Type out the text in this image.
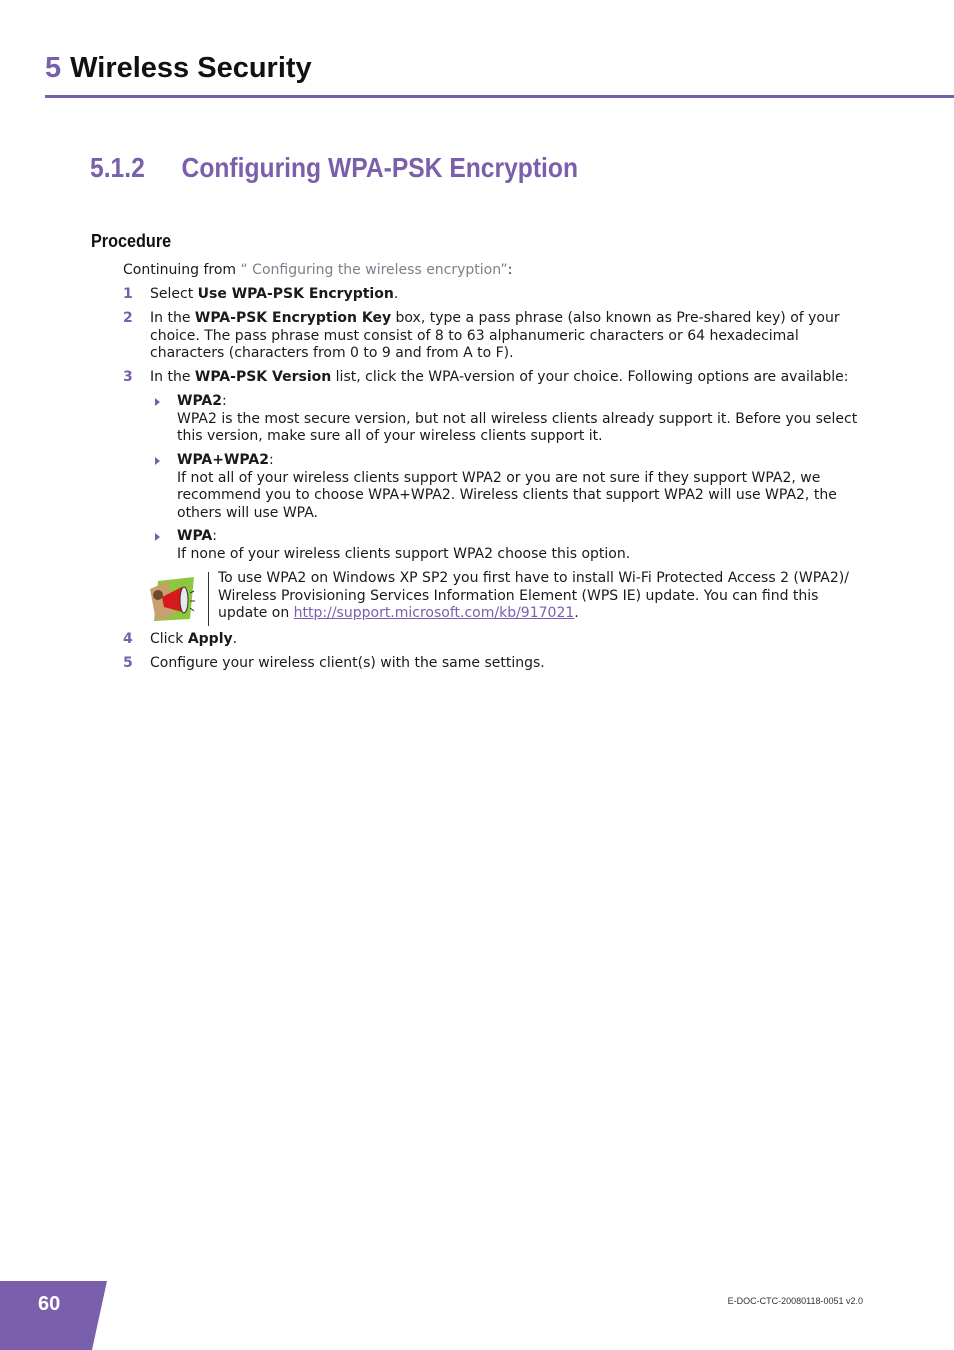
5 Wireless Security
5.1.2 Configuring WPA-PSK Encryption
Procedure
Continuing from “ Configuring the wireless encryption”:
1 Select Use WPA-PSK Encryption.
2 In the WPA-PSK Encryption Key box, type a pass phrase (also known as Pre-shared key) of your choice. The pass phrase must consist of 8 to 63 alphanumeric characters or 64 hexadecimal characters (characters from 0 to 9 and from A to F).
3 In the WPA-PSK Version list, click the WPA-version of your choice. Following options are available:
WPA2:
WPA2 is the most secure version, but not all wireless clients already support it. Before you select this version, make sure all of your wireless clients support it.
WPA+WPA2:
If not all of your wireless clients support WPA2 or you are not sure if they support WPA2, we recommend you to choose WPA+WPA2. Wireless clients that support WPA2 will use WPA2, the others will use WPA.
WPA:
If none of your wireless clients support WPA2 choose this option.
To use WPA2 on Windows XP SP2 you first have to install Wi-Fi Protected Access 2 (WPA2)/ Wireless Provisioning Services Information Element (WPS IE) update. You can find this update on http://support.microsoft.com/kb/917021.
4 Click Apply.
5 Configure your wireless client(s) with the same settings.
60	E-DOC-CTC-20080118-0051 v2.0
